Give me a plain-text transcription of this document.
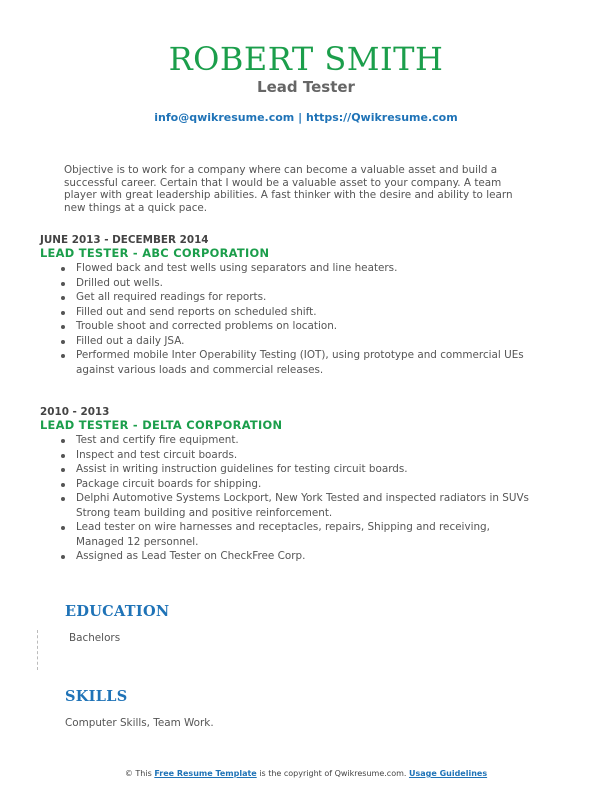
ROBERT SMITH
Lead Tester
info@qwikresume.com | https://Qwikresume.com
Objective is to work for a company where can become a valuable asset and build a successful career. Certain that I would be a valuable asset to your company. A team player with great leadership abilities. A fast thinker with the desire and ability to learn new things at a quick pace.
JUNE 2013 - DECEMBER 2014
LEAD TESTER - ABC CORPORATION
Flowed back and test wells using separators and line heaters.
Drilled out wells.
Get all required readings for reports.
Filled out and send reports on scheduled shift.
Trouble shoot and corrected problems on location.
Filled out a daily JSA.
Performed mobile Inter Operability Testing (IOT), using prototype and commercial UEs against various loads and commercial releases.
2010 - 2013
LEAD TESTER - DELTA CORPORATION
Test and certify fire equipment.
Inspect and test circuit boards.
Assist in writing instruction guidelines for testing circuit boards.
Package circuit boards for shipping.
Delphi Automotive Systems Lockport, New York Tested and inspected radiators in SUVs Strong team building and positive reinforcement.
Lead tester on wire harnesses and receptacles, repairs, Shipping and receiving, Managed 12 personnel.
Assigned as Lead Tester on CheckFree Corp.
EDUCATION
Bachelors
SKILLS
Computer Skills, Team Work.
© This Free Resume Template is the copyright of Qwikresume.com. Usage Guidelines
